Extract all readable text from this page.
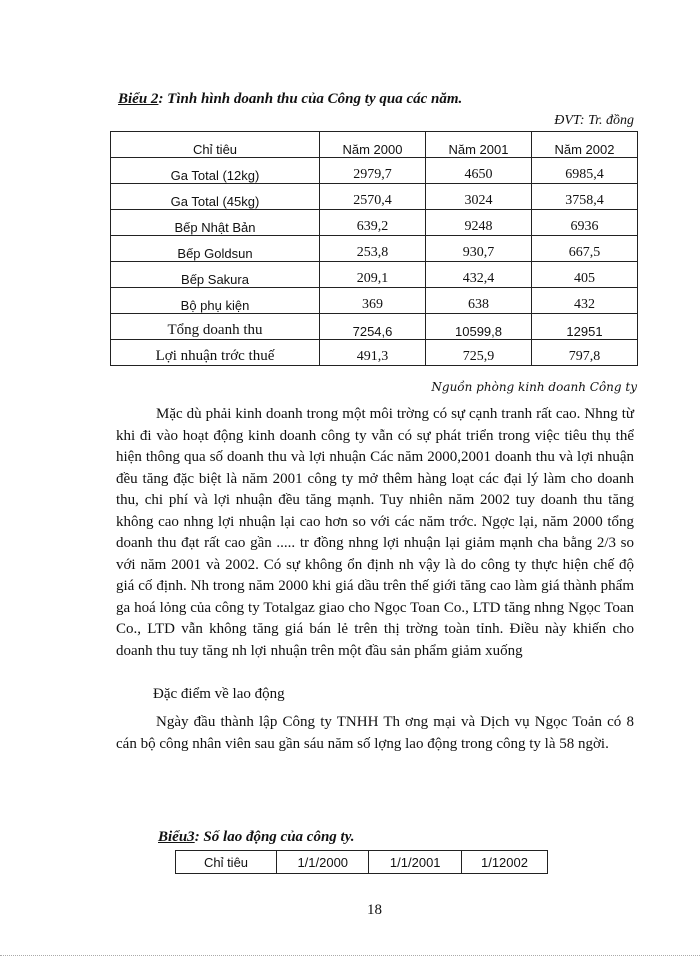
Biểu 2: Tình hình doanh thu của Công ty qua các năm.
ĐVT: Tr. đồng
Chỉ tiêu	Năm 2000	Năm 2001	Năm 2002
Ga Total (12kg)	2979,7	4650	6985,4
Ga Total (45kg)	2570,4	3024	3758,4
Bếp Nhật Bản	639,2	9248	6936
Bếp Goldsun	253,8	930,7	667,5
Bếp Sakura	209,1	432,4	405
Bộ phụ kiện	369	638	432
Tổng doanh thu	7254,6	10599,8	12951
Lợi nhuận trớc thuế	491,3	725,9	797,8
Nguồn phòng kinh doanh Công ty

Mặc dù phải kinh doanh trong một môi trờng có sự cạnh tranh rất cao. Nhng từ khi đi vào hoạt động kinh doanh công ty vẫn có sự phát triển trong việc tiêu thụ thể hiện thông qua số doanh thu và lợi nhuận Các năm 2000,2001 doanh thu và lợi nhuận đều tăng đặc biệt là năm 2001 công ty mở thêm hàng loạt các đại lý làm cho doanh thu, chi phí và lợi nhuận đều tăng mạnh. Tuy nhiên năm 2002 tuy doanh thu tăng không cao nhng lợi nhuận lại cao hơn so với các năm trớc. Ngợc lại, năm 2000 tổng doanh thu đạt rất cao gần ..... tr đồng nhng lợi nhuận lại giảm mạnh cha bằng 2/3 so với năm 2001 và 2002. Có sự không ổn định nh vậy là do công ty thực hiện chế độ giá cố định. Nh trong năm 2000 khi giá dầu trên thế giới tăng cao làm giá thành phẩm ga hoá lỏng của công ty Totalgaz giao cho Ngọc Toan Co., LTD tăng nhng Ngọc Toan Co., LTD vẫn không tăng giá bán lẻ trên thị trờng toàn tỉnh. Điều này khiến cho doanh thu tuy tăng nh lợi nhuận trên một đầu sản phẩm giảm xuống

Đặc điểm về lao động

Ngày đầu thành lập Công ty TNHH Th ơng mại và Dịch vụ Ngọc Toản có 8 cán bộ công nhân viên sau gần sáu năm số lợng lao động trong công ty là 58 ngời.

Biểu3: Số lao động của công ty.
Chỉ tiêu	1/1/2000	1/1/2001	1/12002
18
